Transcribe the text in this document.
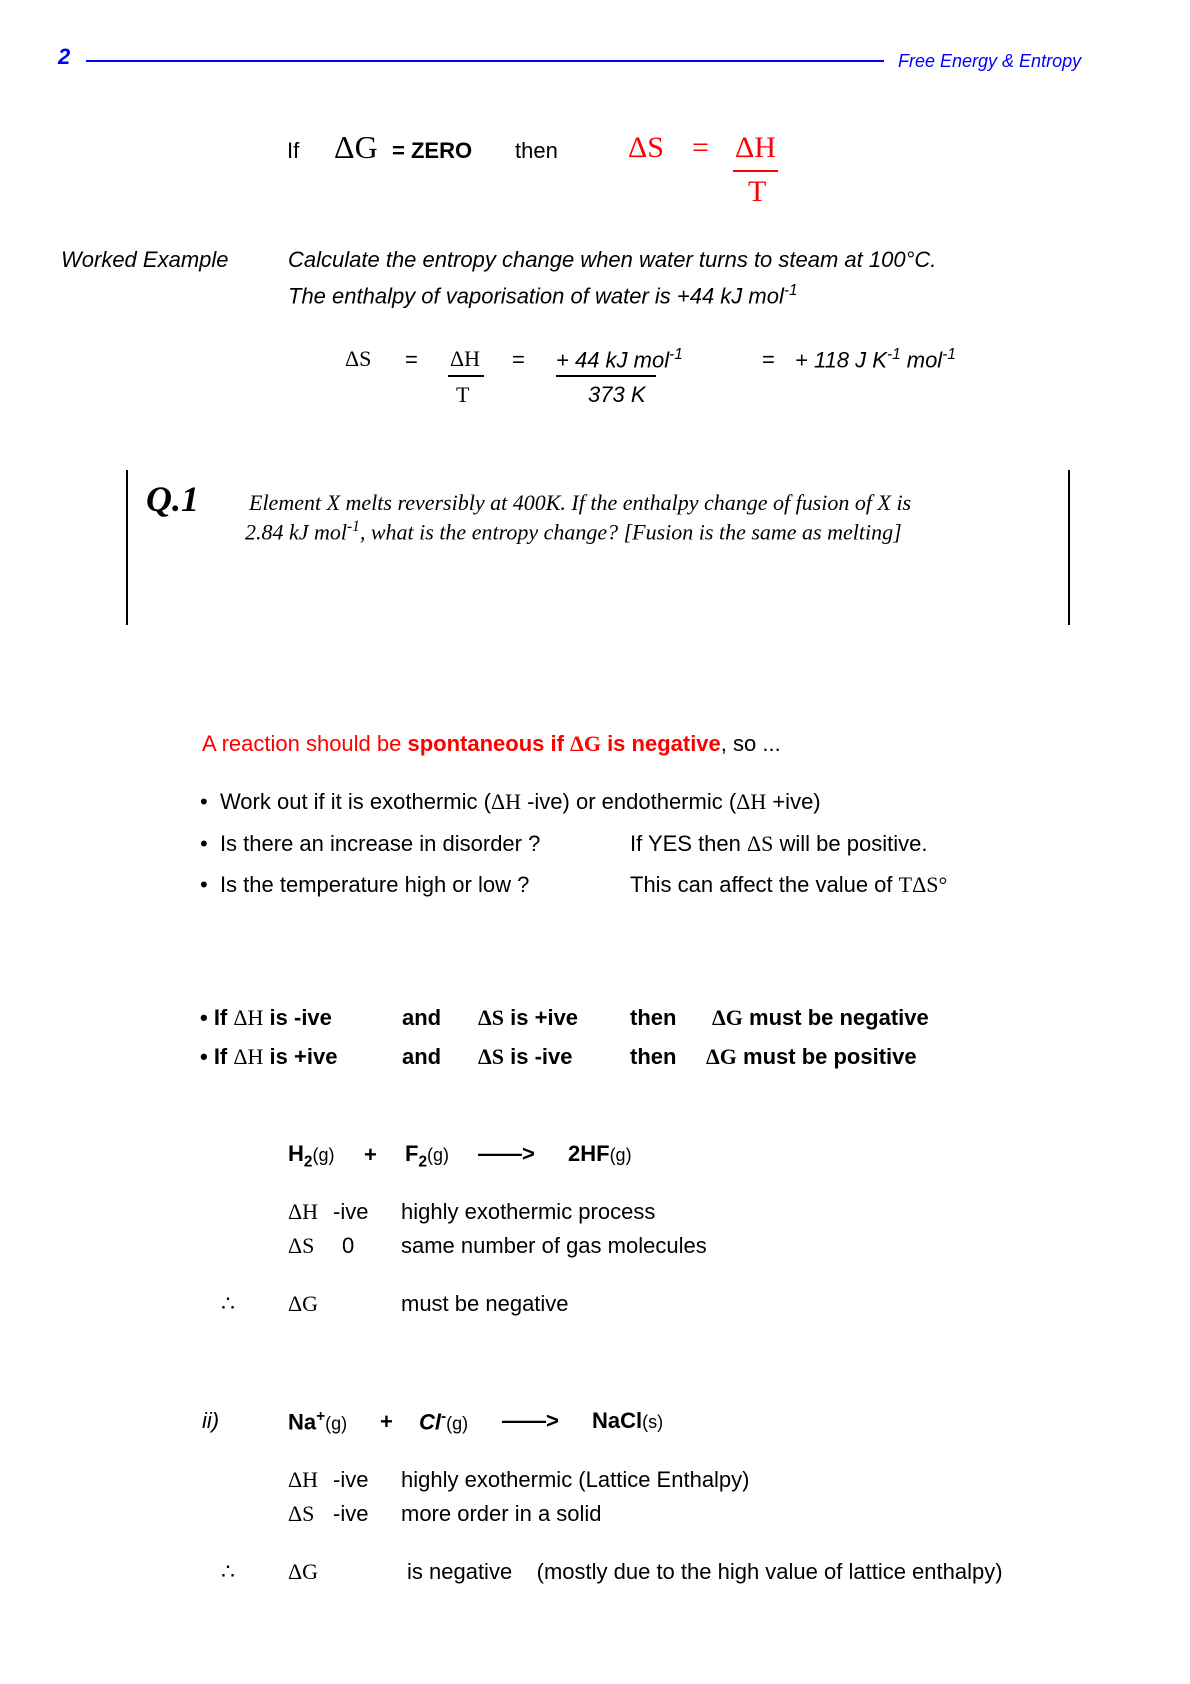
2	Free Energy & Entropy
If ΔG = ZERO then ΔS = ΔH
T
Worked Example	Calculate the entropy change when water turns to steam at 100°C.
The enthalpy of vaporisation of water is +44 kJ mol$^{-1}$
ΔS = ΔH
T
= + 44 kJ mol$^{-1}$
373 K
= + 118 J $K^{-1}$ mol$^{-1}$
Q.1 Element X melts reversibly at 400K. If the enthalpy change of fusion of X is
2.84 kJ mol$^{-1}$, what is the entropy change? [Fusion is the same as melting]
A reaction should be spontaneous if ΔG is negative, so ...
•  Work out if it is exothermic (ΔH -ive) or endothermic (ΔH +ive)
•  Is there an increase in disorder ?	If YES then ΔS will be positive.
•  Is the temperature high or low ?	This can affect the value of TΔS°
• If ΔH is -ive	and ΔS is +ive then ΔG must be negative
• If ΔH is +ive	and ΔS is -ive	then ΔG must be positive
$H_2(g) + F_2(g)$ ——> 2HF(g)
ΔH -ive highly exothermic process
ΔS 0 same number of gas molecules
∴ ΔG	must be negative
ii)	Na+(g) + Cl-(g) ——> NaCl(s)
ΔH -ive highly exothermic (Lattice Enthalpy)
ΔS -ive more order in a solid
∴ ΔG	is negative    (mostly due to the high value of lattice enthalpy)
